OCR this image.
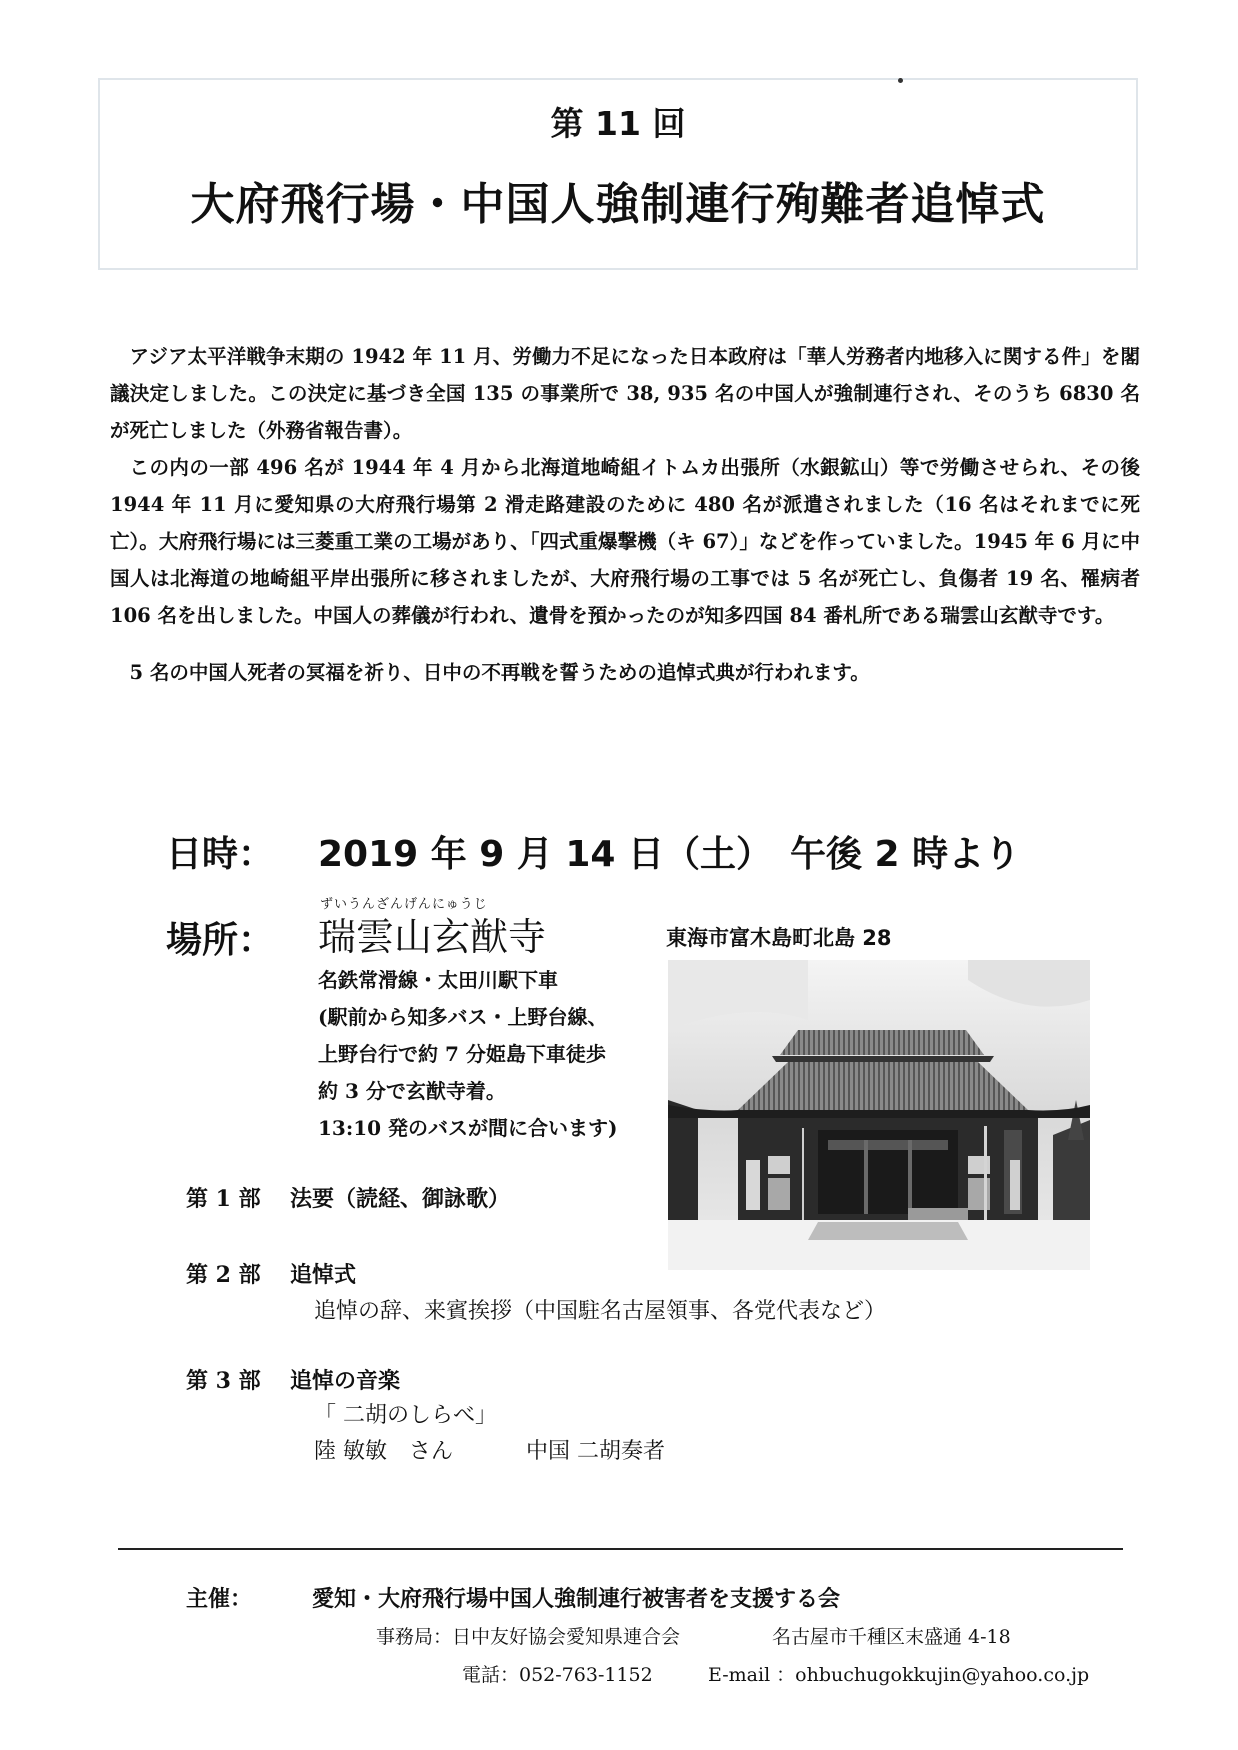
第 11 回
大府飛行場・中国人強制連行殉難者追悼式

アジア太平洋戦争末期の 1942 年 11 月、労働力不足になった日本政府は「華人労務者内地移入に関する件」を閣議決定しました。この決定に基づき全国 135 の事業所で 38, 935 名の中国人が強制連行され、そのうち 6830 名が死亡しました（外務省報告書）。

この内の一部 496 名が 1944 年 4 月から北海道地崎組イトムカ出張所（水銀鉱山）等で労働させられ、その後 1944 年 11 月に愛知県の大府飛行場第 2 滑走路建設のために 480 名が派遣されました（16 名はそれまでに死亡）。大府飛行場には三菱重工業の工場があり、「四式重爆撃機（キ 67）」などを作っていました。1945 年 6 月に中国人は北海道の地崎組平岸出張所に移されましたが、大府飛行場の工事では 5 名が死亡し、負傷者 19 名、罹病者 106 名を出しました。中国人の葬儀が行われ、遺骨を預かったのが知多四国 84 番札所である瑞雲山玄猷寺です。

5 名の中国人死者の冥福を祈り、日中の不再戦を誓うための追悼式典が行われます。

日時： 2019 年 9 月 14 日（土）　午後 2 時より
場所：
ずいうんざんげんにゅうじ
瑞雲山玄猷寺	東海市富木島町北島 28
名鉄常滑線・太田川駅下車
(駅前から知多バス・上野台線、
上野台行で約 7 分姫島下車徒歩
約 3 分で玄猷寺着。
13:10 発のバスが間に合います)
第 1 部 法要（読経、御詠歌）
第 2 部 追悼式
追悼の辞、来賓挨拶（中国駐名古屋領事、各党代表など）
第 3 部 追悼の音楽
「 二胡のしらべ」
陸 敏敏　さん	中国 二胡奏者
主催：	愛知・大府飛行場中国人強制連行被害者を支援する会
事務局：日中友好協会愛知県連合会	名古屋市千種区末盛通 4-18
電話：052-763-1152	E-mail ：ohbuchugokkujin@yahoo.co.jp
